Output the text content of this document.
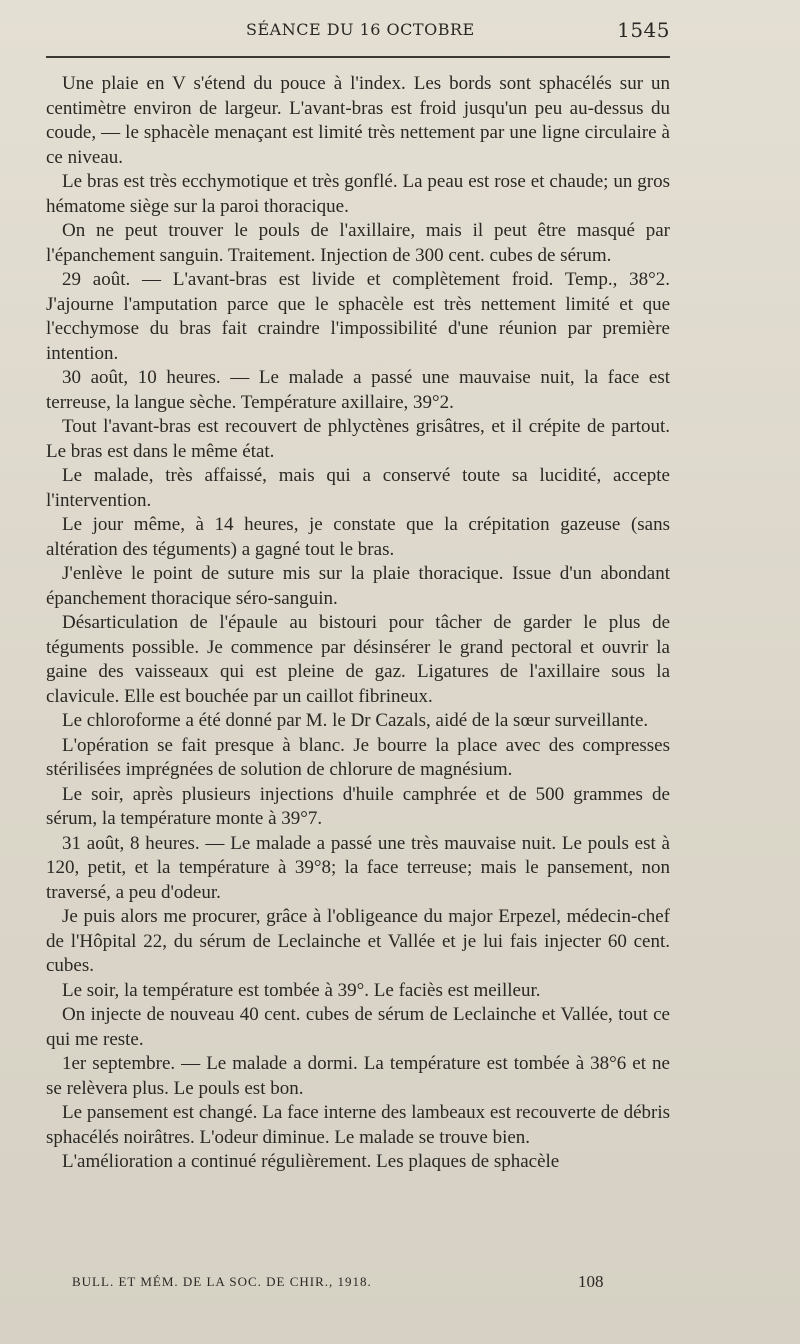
SÉANCE DU 16 OCTOBRE	1545
Une plaie en V s'étend du pouce à l'index. Les bords sont sphacélés sur un centimètre environ de largeur. L'avant-bras est froid jusqu'un peu au-dessus du coude, — le sphacèle menaçant est limité très nettement par une ligne circulaire à ce niveau.
Le bras est très ecchymotique et très gonflé. La peau est rose et chaude; un gros hématome siège sur la paroi thoracique.
On ne peut trouver le pouls de l'axillaire, mais il peut être masqué par l'épanchement sanguin. Traitement. Injection de 300 cent. cubes de sérum.
29 août. — L'avant-bras est livide et complètement froid. Temp., 38°2. J'ajourne l'amputation parce que le sphacèle est très nettement limité et que l'ecchymose du bras fait craindre l'impossibilité d'une réunion par première intention.
30 août, 10 heures. — Le malade a passé une mauvaise nuit, la face est terreuse, la langue sèche. Température axillaire, 39°2.
Tout l'avant-bras est recouvert de phlyctènes grisâtres, et il crépite de partout. Le bras est dans le même état.
Le malade, très affaissé, mais qui a conservé toute sa lucidité, accepte l'intervention.
Le jour même, à 14 heures, je constate que la crépitation gazeuse (sans altération des téguments) a gagné tout le bras.
J'enlève le point de suture mis sur la plaie thoracique. Issue d'un abondant épanchement thoracique séro-sanguin.
Désarticulation de l'épaule au bistouri pour tâcher de garder le plus de téguments possible. Je commence par désinsérer le grand pectoral et ouvrir la gaine des vaisseaux qui est pleine de gaz. Ligatures de l'axillaire sous la clavicule. Elle est bouchée par un caillot fibrineux.
Le chloroforme a été donné par M. le Dr Cazals, aidé de la sœur surveillante.
L'opération se fait presque à blanc. Je bourre la place avec des compresses stérilisées imprégnées de solution de chlorure de magnésium.
Le soir, après plusieurs injections d'huile camphrée et de 500 grammes de sérum, la température monte à 39°7.
31 août, 8 heures. — Le malade a passé une très mauvaise nuit. Le pouls est à 120, petit, et la température à 39°8; la face terreuse; mais le pansement, non traversé, a peu d'odeur.
Je puis alors me procurer, grâce à l'obligeance du major Erpezel, médecin-chef de l'Hôpital 22, du sérum de Leclainche et Vallée et je lui fais injecter 60 cent. cubes.
Le soir, la température est tombée à 39°. Le faciès est meilleur.
On injecte de nouveau 40 cent. cubes de sérum de Leclainche et Vallée, tout ce qui me reste.
1er septembre. — Le malade a dormi. La température est tombée à 38°6 et ne se relèvera plus. Le pouls est bon.
Le pansement est changé. La face interne des lambeaux est recouverte de débris sphacélés noirâtres. L'odeur diminue. Le malade se trouve bien.
L'amélioration a continué régulièrement. Les plaques de sphacèle
BULL. ET MÉM. DE LA SOC. DE CHIR., 1918.	108
